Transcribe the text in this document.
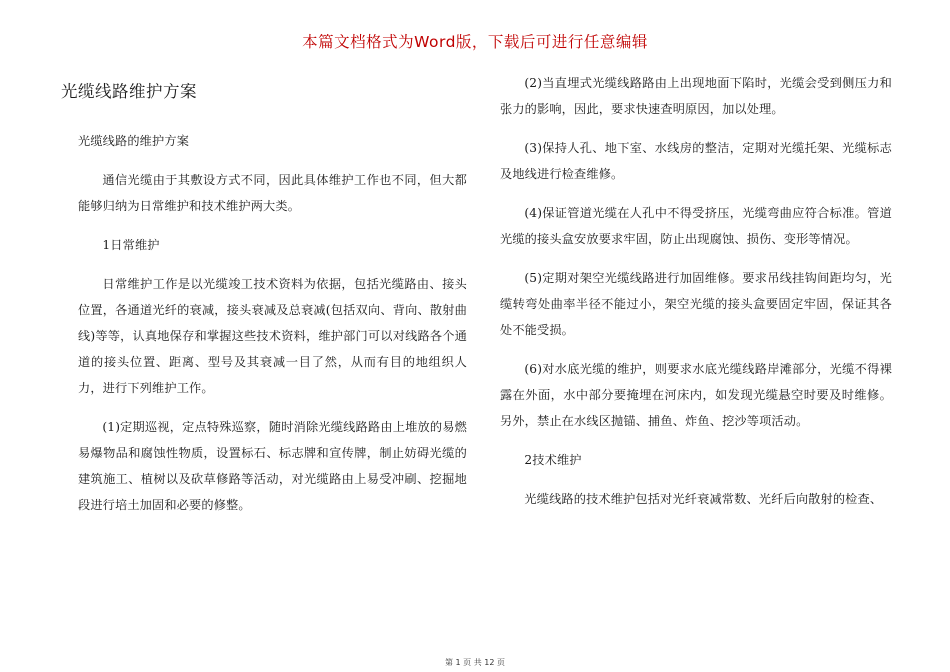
本篇文档格式为Word版，下载后可进行任意编辑
光缆线路维护方案

光缆线路的维护方案

通信光缆由于其敷设方式不同，因此具体维护工作也不同，但大都能够归纳为日常维护和技术维护两大类。

1日常维护

日常维护工作是以光缆竣工技术资料为依据，包括光缆路由、接头位置，各通道光纤的衰减，接头衰减及总衰减(包括双向、背向、散射曲线)等等，认真地保存和掌握这些技术资料，维护部门可以对线路各个通道的接头位置、距离、型号及其衰减一目了然，从而有目的地组织人力，进行下列维护工作。

(1)定期巡视，定点特殊巡察，随时消除光缆线路路由上堆放的易燃易爆物品和腐蚀性物质，设置标石、标志牌和宣传牌，制止妨碍光缆的建筑施工、植树以及砍草修路等活动，对光缆路由上易受冲刷、挖掘地段进行培土加固和必要的修整。

(2)当直埋式光缆线路路由上出现地面下陷时，光缆会受到侧压力和张力的影响，因此，要求快速查明原因，加以处理。

(3)保持人孔、地下室、水线房的整洁，定期对光缆托架、光缆标志及地线进行检查维修。

(4)保证管道光缆在人孔中不得受挤压，光缆弯曲应符合标准。管道光缆的接头盒安放要求牢固，防止出现腐蚀、损伤、变形等情况。

(5)定期对架空光缆线路进行加固维修。要求吊线挂钩间距均匀，光缆转弯处曲率半径不能过小，架空光缆的接头盒要固定牢固，保证其各处不能受损。

(6)对水底光缆的维护，则要求水底光缆线路岸滩部分，光缆不得裸露在外面，水中部分要掩埋在河床内，如发现光缆悬空时要及时维修。另外，禁止在水线区抛锚、捕鱼、炸鱼、挖沙等项活动。

2技术维护

光缆线路的技术维护包括对光纤衰减常数、光纤后向散射的检查、

第 1 页 共 12 页
